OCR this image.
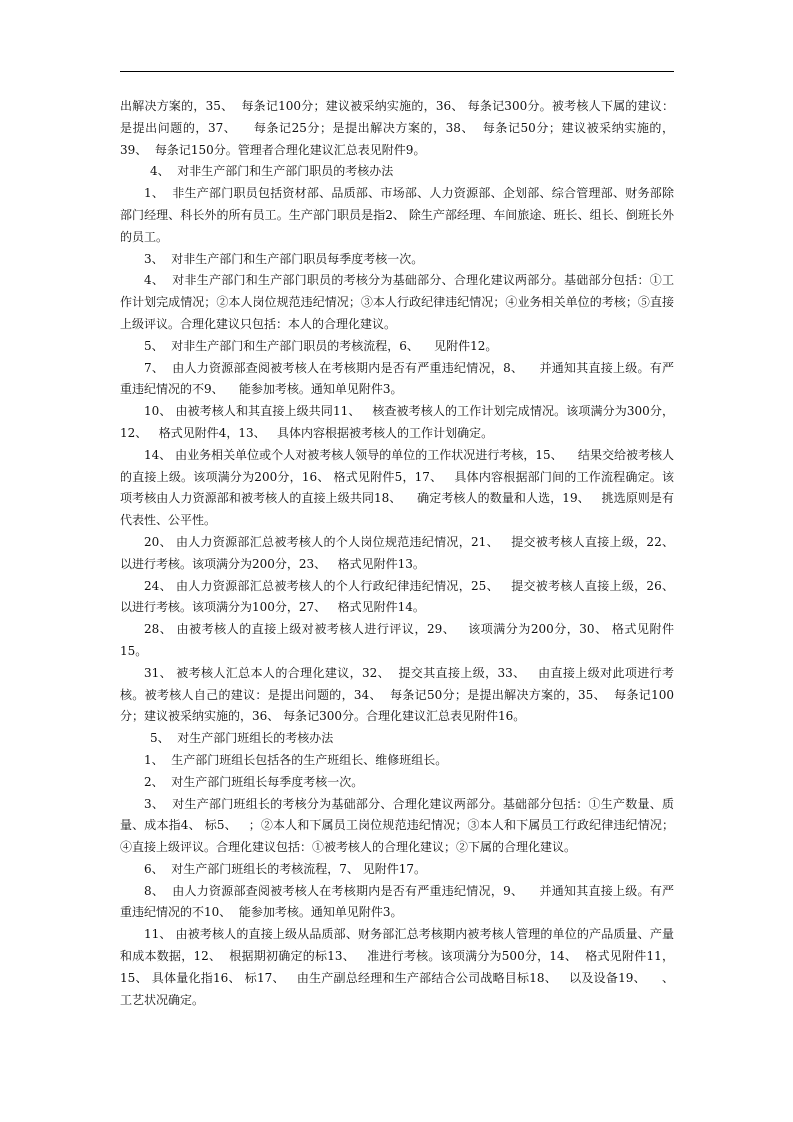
出解决方案的，35、  每条记100分；建议被采纳实施的，36、 每条记300分。被考核人下属的建议：是提出问题的，37、    每条记25分；是提出解决方案的，38、  每条记50分；建议被采纳实施的，39、  每条记150分。管理者合理化建议汇总表见附件9。

4、  对非生产部门和生产部门职员的考核办法

1、  非生产部门职员包括资材部、品质部、市场部、人力资源部、企划部、综合管理部、财务部除部门经理、科长外的所有员工。生产部门职员是指2、 除生产部经理、车间旅途、班长、组长、倒班长外的员工。

3、  对非生产部门和生产部门职员每季度考核一次。

4、  对非生产部门和生产部门职员的考核分为基础部分、合理化建议两部分。基础部分包括：①工作计划完成情况；②本人岗位规范违纪情况；③本人行政纪律违纪情况；④业务相关单位的考核；⑤直接上级评议。合理化建议只包括：本人的合理化建议。

5、  对非生产部门和生产部门职员的考核流程，6、    见附件12。

7、  由人力资源部查阅被考核人在考核期内是否有严重违纪情况，8、    并通知其直接上级。有严重违纪情况的不9、    能参加考核。通知单见附件3。

10、 由被考核人和其直接上级共同11、   核查被考核人的工作计划完成情况。该项满分为300分，12、   格式见附件4，13、   具体内容根据被考核人的工作计划确定。

14、 由业务相关单位或个人对被考核人领导的单位的工作状况进行考核，15、    结果交给被考核人的直接上级。该项满分为200分，16、 格式见附件5，17、   具体内容根据部门间的工作流程确定。该项考核由人力资源部和被考核人的直接上级共同18、    确定考核人的数量和人选，19、   挑选原则是有代表性、公平性。

20、 由人力资源部汇总被考核人的个人岗位规范违纪情况，21、   提交被考核人直接上级，22、   以进行考核。该项满分为200分，23、   格式见附件13。

24、 由人力资源部汇总被考核人的个人行政纪律违纪情况，25、   提交被考核人直接上级，26、   以进行考核。该项满分为100分，27、   格式见附件14。

28、 由被考核人的直接上级对被考核人进行评议，29、   该项满分为200分，30、 格式见附件15。

31、 被考核人汇总本人的合理化建议，32、  提交其直接上级，33、   由直接上级对此项进行考核。被考核人自己的建议：是提出问题的，34、  每条记50分；是提出解决方案的，35、  每条记100分；建议被采纳实施的，36、 每条记300分。合理化建议汇总表见附件16。

5、  对生产部门班组长的考核办法

1、  生产部门班组长包括各的生产班组长、维修班组长。

2、  对生产部门班组长每季度考核一次。

3、  对生产部门班组长的考核分为基础部分、合理化建议两部分。基础部分包括：①生产数量、质量、成本指4、 标5、   ；②本人和下属员工岗位规范违纪情况；③本人和下属员工行政纪律违纪情况；④直接上级评议。合理化建议包括：①被考核人的合理化建议；②下属的合理化建议。

6、  对生产部门班组长的考核流程，7、 见附件17。

8、  由人力资源部查阅被考核人在考核期内是否有严重违纪情况，9、    并通知其直接上级。有严重违纪情况的不10、  能参加考核。通知单见附件3。

11、 由被考核人的直接上级从品质部、财务部汇总考核期内被考核人管理的单位的产品质量、产量和成本数据，12、  根据期初确定的标13、   准进行考核。该项满分为500分，14、  格式见附件11，15、 具体量化指16、 标17、   由生产副总经理和生产部结合公司战略目标18、   以及设备19、    、工艺状况确定。
